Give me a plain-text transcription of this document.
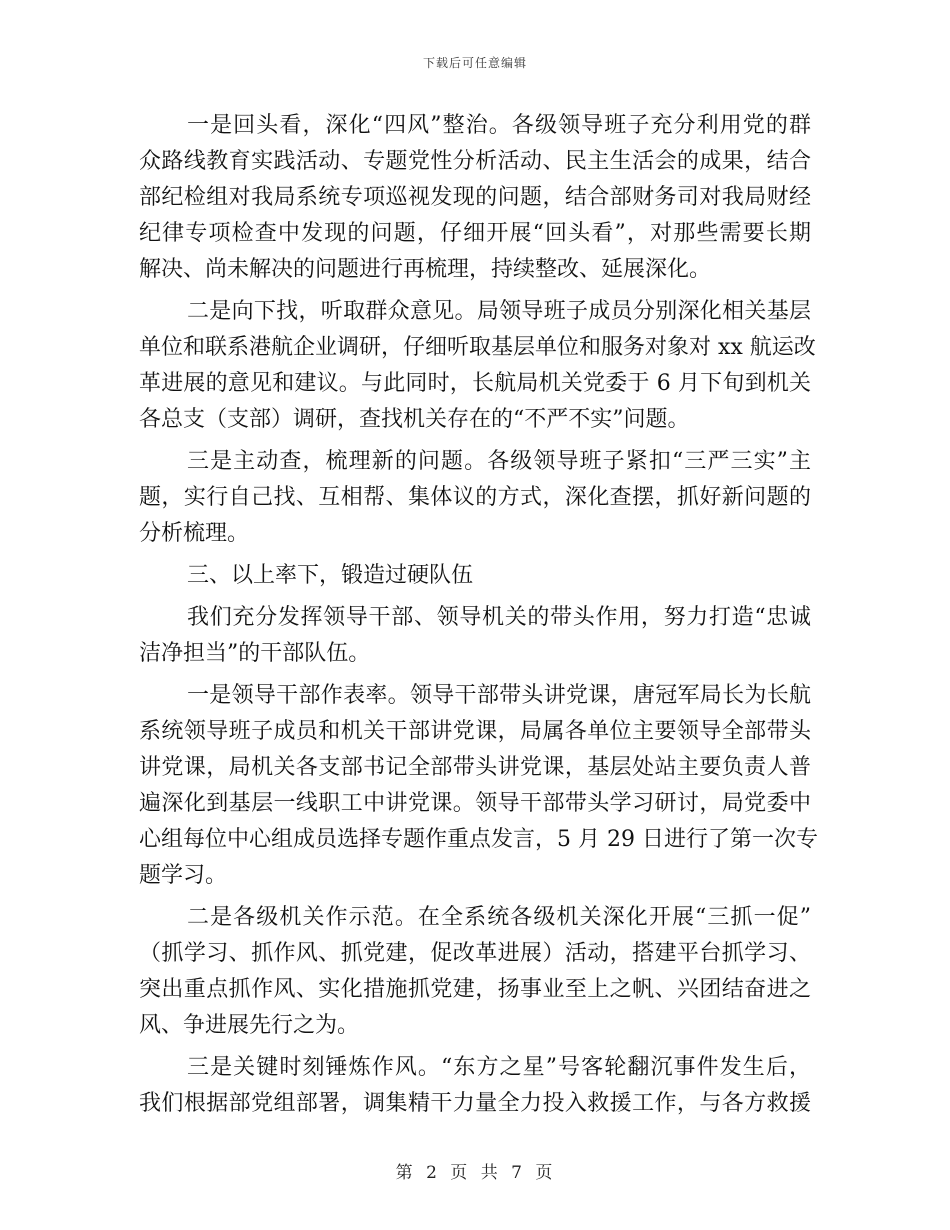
下载后可任意编辑
一是回头看，深化“四风”整治。各级领导班子充分利用党的群
众路线教育实践活动、专题党性分析活动、民主生活会的成果，结合
部纪检组对我局系统专项巡视发现的问题，结合部财务司对我局财经
纪律专项检查中发现的问题，仔细开展“回头看”，对那些需要长期
解决、尚未解决的问题进行再梳理，持续整改、延展深化。
二是向下找，听取群众意见。局领导班子成员分别深化相关基层
单位和联系港航企业调研，仔细听取基层单位和服务对象对 xx 航运改
革进展的意见和建议。与此同时，长航局机关党委于 6 月下旬到机关
各总支（支部）调研，查找机关存在的“不严不实”问题。
三是主动查，梳理新的问题。各级领导班子紧扣“三严三实”主
题，实行自己找、互相帮、集体议的方式，深化查摆，抓好新问题的
分析梳理。
三、以上率下，锻造过硬队伍
我们充分发挥领导干部、领导机关的带头作用，努力打造“忠诚
洁净担当”的干部队伍。
一是领导干部作表率。领导干部带头讲党课，唐冠军局长为长航
系统领导班子成员和机关干部讲党课，局属各单位主要领导全部带头
讲党课，局机关各支部书记全部带头讲党课，基层处站主要负责人普
遍深化到基层一线职工中讲党课。领导干部带头学习研讨，局党委中
心组每位中心组成员选择专题作重点发言，5 月 29 日进行了第一次专
题学习。
二是各级机关作示范。在全系统各级机关深化开展“三抓一促”
（抓学习、抓作风、抓党建，促改革进展）活动，搭建平台抓学习、
突出重点抓作风、实化措施抓党建，扬事业至上之帆、兴团结奋进之
风、争进展先行之为。
三是关键时刻锤炼作风。“东方之星”号客轮翻沉事件发生后，
我们根据部党组部署，调集精干力量全力投入救援工作，与各方救援
第 2 页 共 7 页
